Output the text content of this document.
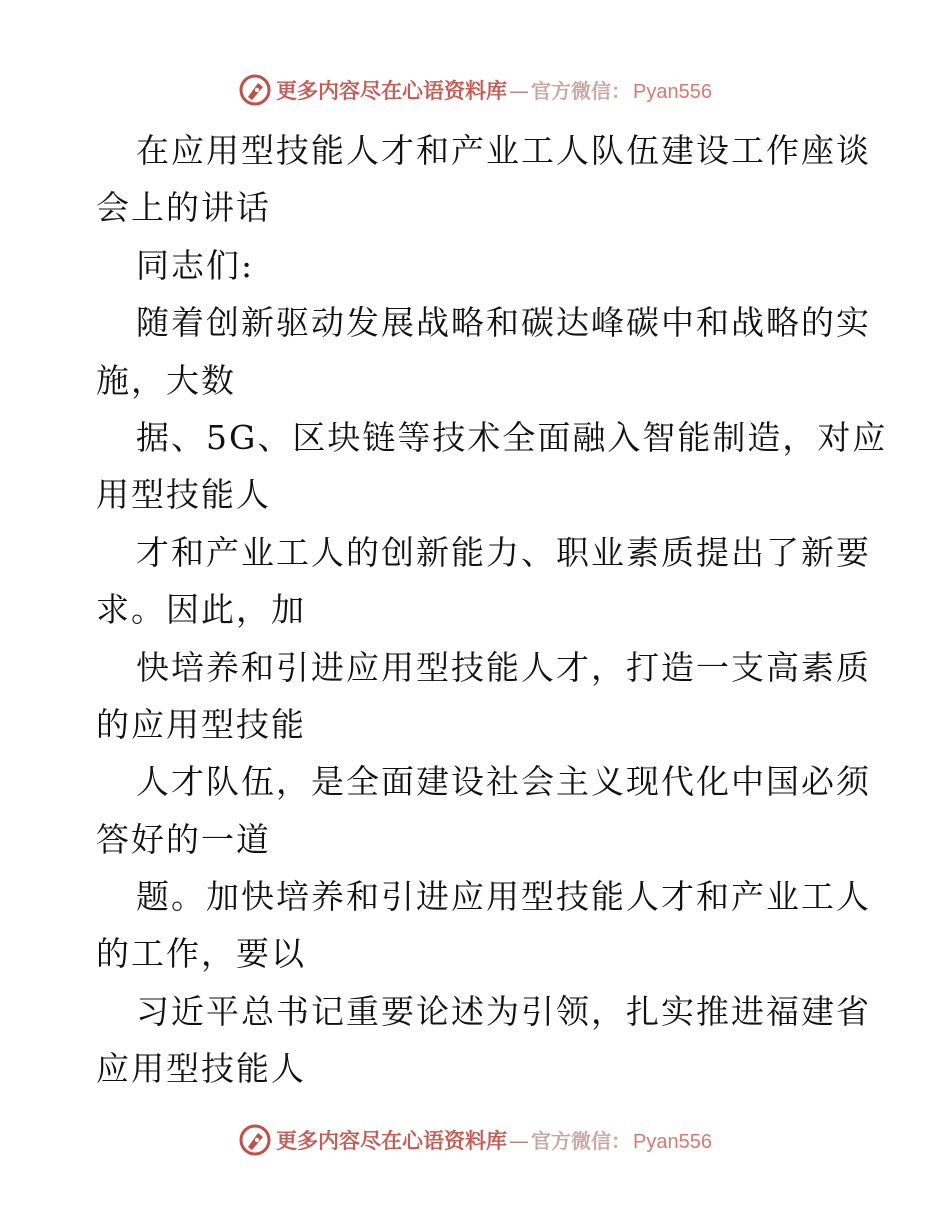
更多内容尽在心语资料库 — 官方微信： Pyan556
在应用型技能人才和产业工人队伍建设工作座谈
会上的讲话
同志们:
随着创新驱动发展战略和碳达峰碳中和战略的实
施，大数
据、5G、区块链等技术全面融入智能制造，对应
用型技能人
才和产业工人的创新能力、职业素质提出了新要
求。因此，加
快培养和引进应用型技能人才，打造一支高素质
的应用型技能
人才队伍，是全面建设社会主义现代化中国必须
答好的一道
题。加快培养和引进应用型技能人才和产业工人
的工作，要以
习近平总书记重要论述为引领，扎实推进福建省
应用型技能人
更多内容尽在心语资料库 — 官方微信： Pyan556
